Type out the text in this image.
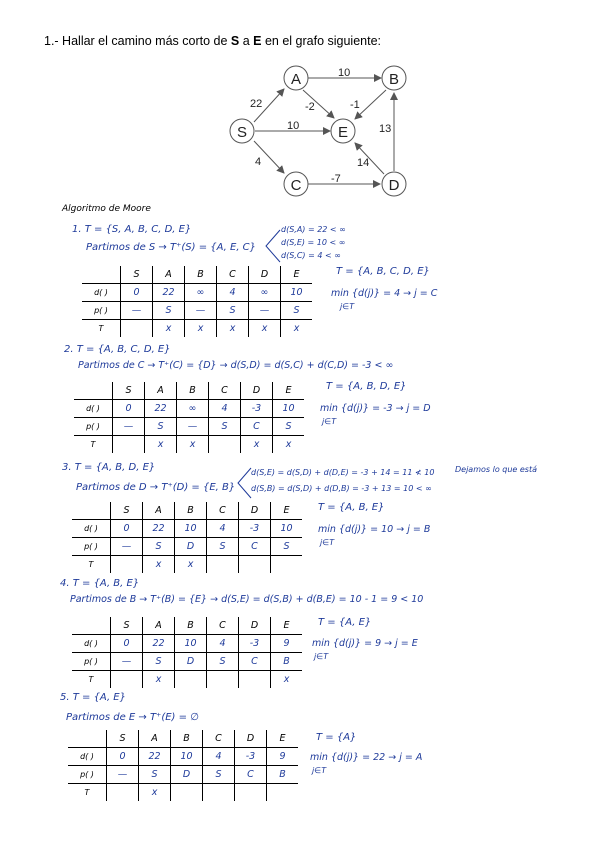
1.- Hallar el camino más corto de S a E en el grafo siguiente:
A	B
S	E
C	D
22
10
-2	-1
10
4
-7
14
13
Algoritmo de Moore
1. T = {S, A, B, C, D, E}
Partimos de S → T⁺(S) = {A, E, C}
d(S,A) = 22 < ∞
d(S,E) = 10 < ∞
d(S,C) = 4 < ∞
	S	A	B	C	D	E
d( )	0	22	∞	4	∞	10
p( )	—	S	—	S	—	S
T		x	x	x	x	x
T = {A, B, C, D, E}
min {d(j)} = 4 → j = C
j∈T
2. T = {A, B, C, D, E}
Partimos de C → T⁺(C) = {D} → d(S,D) = d(S,C) + d(C,D) = -3 < ∞
	S	A	B	C	D	E
d( )	0	22	∞	4	-3	10
p( )	—	S	—	S	C	S
T		x	x		x	x
T = {A, B, D, E}
min {d(j)} = -3 → j = D
j∈T
3. T = {A, B, D, E}
Partimos de D → T⁺(D) = {E, B}
d(S,E) = d(S,D) + d(D,E) = -3 + 14 = 11 ≮ 10	Dejamos lo que está
d(S,B) = d(S,D) + d(D,B) = -3 + 13 = 10 < ∞
	S	A	B	C	D	E
d( )	0	22	10	4	-3	10
p( )	—	S	D	S	C	S
T		x	x			
T = {A, B, E}
min {d(j)} = 10 → j = B
j∈T
4. T = {A, B, E}
Partimos de B → T⁺(B) = {E} → d(S,E) = d(S,B) + d(B,E) = 10 - 1 = 9 < 10
	S	A	B	C	D	E
d( )	0	22	10	4	-3	9
p( )	—	S	D	S	C	B
T		x				x
T = {A, E}
min {d(j)} = 9 → j = E
j∈T
5. T = {A, E}
Partimos de E → T⁺(E) = ∅
	S	A	B	C	D	E
d( )	0	22	10	4	-3	9
p( )	—	S	D	S	C	B
T		x				
T = {A}
min {d(j)} = 22 → j = A
j∈T
